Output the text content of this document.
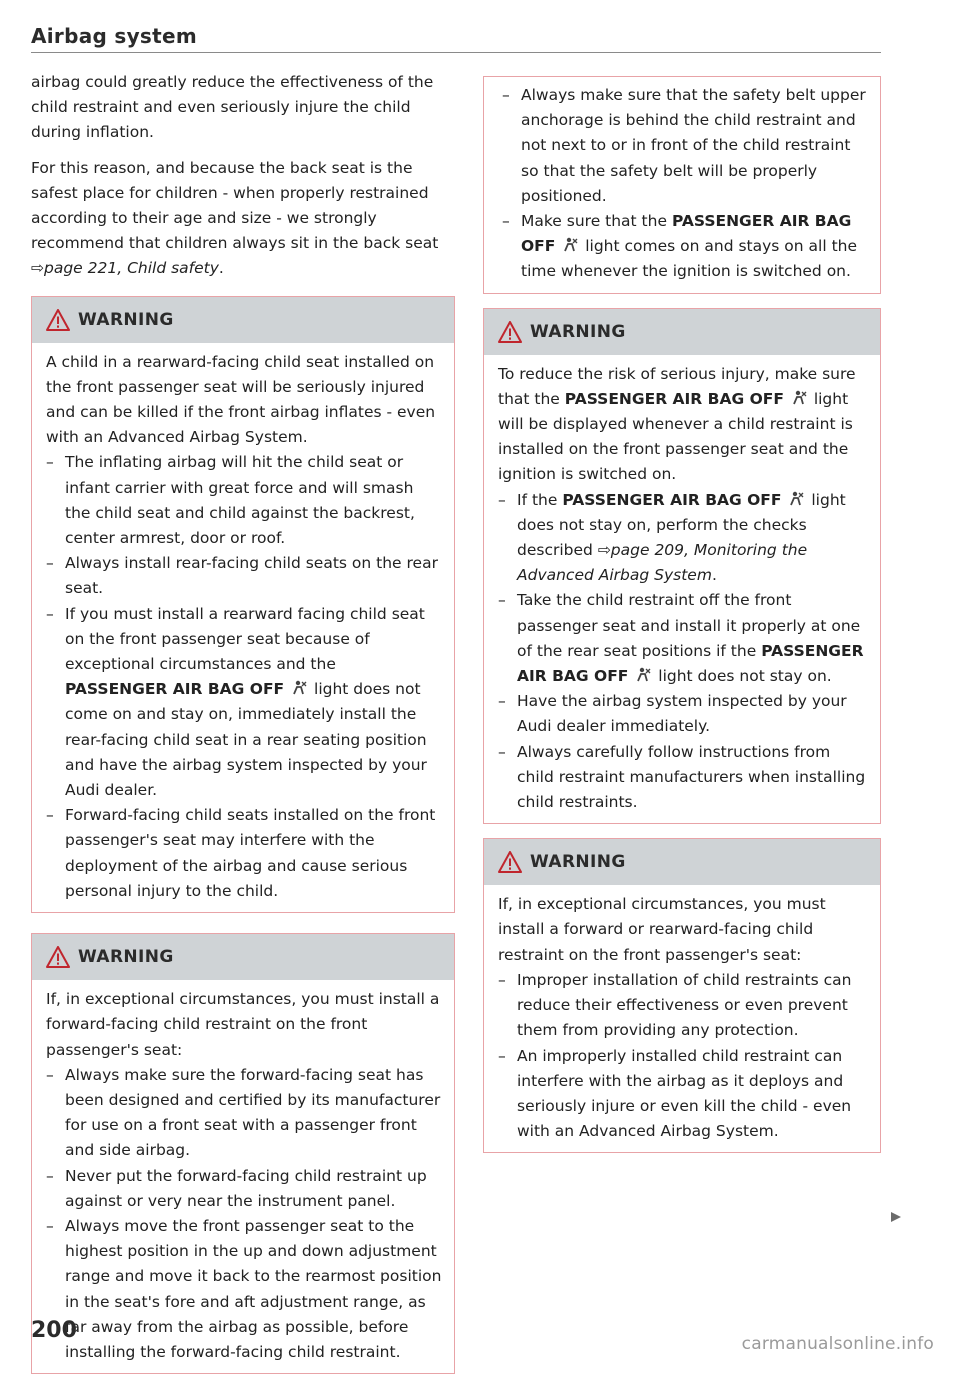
Airbag system

airbag could greatly reduce the effectiveness of the child restraint and even seriously injure the child during inflation.

For this reason, and because the back seat is the safest place for children - when properly restrained according to their age and size - we strongly recommend that children always sit in the back seat ⇨page 221, Child safety.

WARNING

A child in a rearward-facing child seat installed on the front passenger seat will be seriously injured and can be killed if the front airbag inflates - even with an Advanced Airbag System.

– The inflating airbag will hit the child seat or infant carrier with great force and will smash the child seat and child against the backrest, center armrest, door or roof.
– Always install rear-facing child seats on the rear seat.
– If you must install a rearward facing child seat on the front passenger seat because of exceptional circumstances and the PASSENGER AIR BAG OFF light does not come on and stay on, immediately install the rear-facing child seat in a rear seating position and have the airbag system inspected by your Audi dealer.
– Forward-facing child seats installed on the front passenger's seat may interfere with the deployment of the airbag and cause serious personal injury to the child.
WARNING

If, in exceptional circumstances, you must install a forward-facing child restraint on the front passenger's seat:

– Always make sure the forward-facing seat has been designed and certified by its manufacturer for use on a front seat with a passenger front and side airbag.
– Never put the forward-facing child restraint up against or very near the instrument panel.
– Always move the front passenger seat to the highest position in the up and down adjustment range and move it back to the rearmost position in the seat's fore and aft adjustment range, as far away from the airbag as possible, before installing the forward-facing child restraint.
– Always make sure that the safety belt upper anchorage is behind the child restraint and not next to or in front of the child restraint so that the safety belt will be properly positioned.
– Make sure that the PASSENGER AIR BAG OFF light comes on and stays on all the time whenever the ignition is switched on.
WARNING

To reduce the risk of serious injury, make sure that the PASSENGER AIR BAG OFF light will be displayed whenever a child restraint is installed on the front passenger seat and the ignition is switched on.

– If the PASSENGER AIR BAG OFF light does not stay on, perform the checks described ⇨page 209, Monitoring the Advanced Airbag System.
– Take the child restraint off the front passenger seat and install it properly at one of the rear seat positions if the PASSENGER AIR BAG OFF light does not stay on.
– Have the airbag system inspected by your Audi dealer immediately.
– Always carefully follow instructions from child restraint manufacturers when installing child restraints.
WARNING

If, in exceptional circumstances, you must install a forward or rearward-facing child restraint on the front passenger's seat:

– Improper installation of child restraints can reduce their effectiveness or even prevent them from providing any protection.
– An improperly installed child restraint can interfere with the airbag as it deploys and seriously injure or even kill the child - even with an Advanced Airbag System.
200
carmanualsonline.info
